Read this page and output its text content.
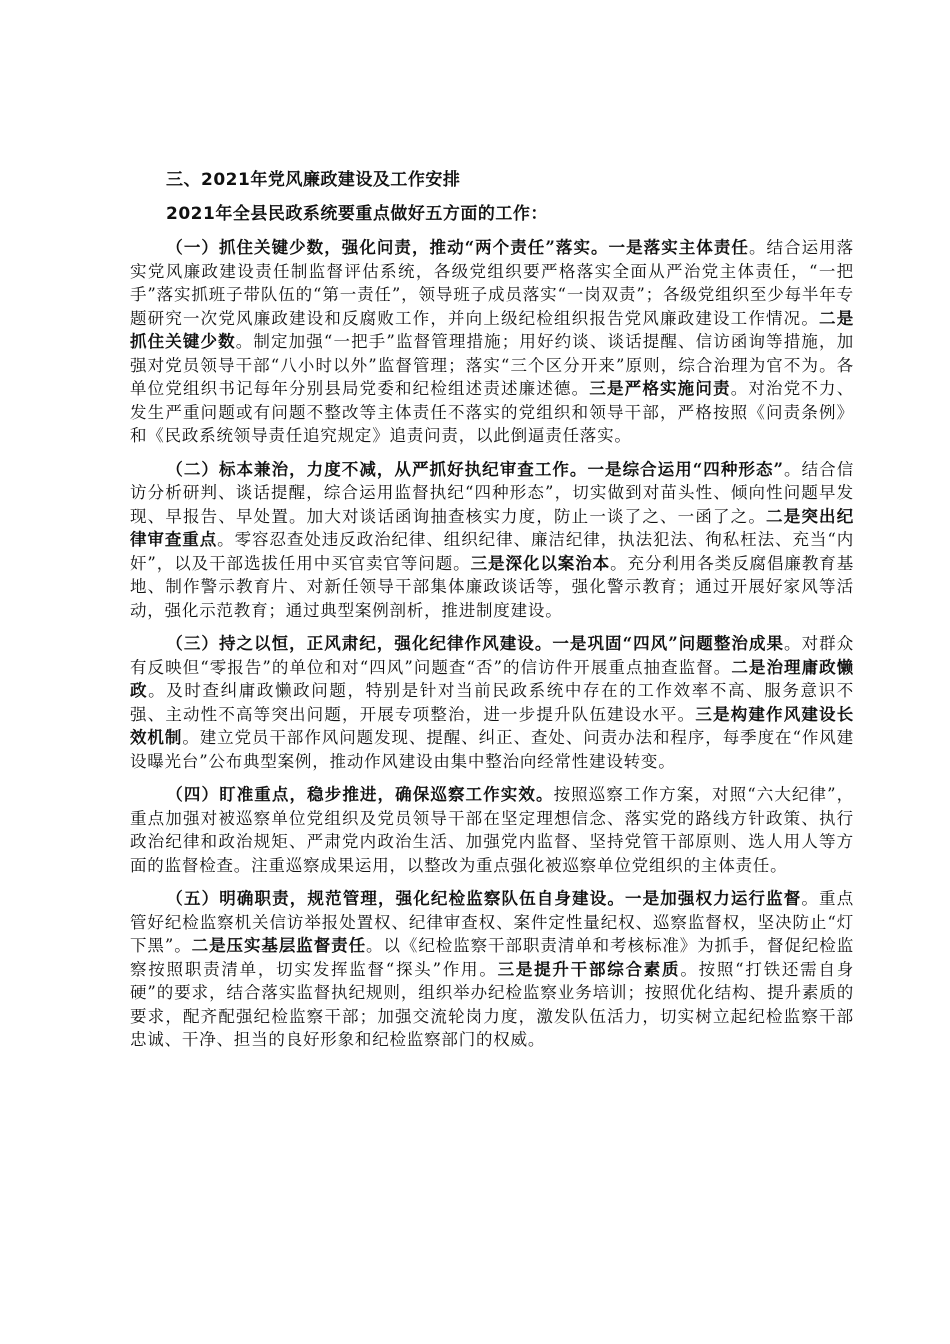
三、2021年党风廉政建设及工作安排
2021年全县民政系统要重点做好五方面的工作：
（一）抓住关键少数，强化问责，推动“两个责任”落实。一是落实主体责任。结合运用落实党风廉政建设责任制监督评估系统，各级党组织要严格落实全面从严治党主体责任，“一把手”落实抓班子带队伍的“第一责任”，领导班子成员落实“一岗双责”；各级党组织至少每半年专题研究一次党风廉政建设和反腐败工作，并向上级纪检组织报告党风廉政建设工作情况。二是抓住关键少数。制定加强“一把手”监督管理措施；用好约谈、谈话提醒、信访函询等措施，加强对党员领导干部“八小时以外”监督管理；落实“三个区分开来”原则，综合治理为官不为。各单位党组织书记每年分别县局党委和纪检组述责述廉述德。三是严格实施问责。对治党不力、发生严重问题或有问题不整改等主体责任不落实的党组织和领导干部，严格按照《问责条例》和《民政系统领导责任追究规定》追责问责，以此倒逼责任落实。
（二）标本兼治，力度不减，从严抓好执纪审查工作。一是综合运用“四种形态”。结合信访分析研判、谈话提醒，综合运用监督执纪“四种形态”，切实做到对苗头性、倾向性问题早发现、早报告、早处置。加大对谈话函询抽查核实力度，防止一谈了之、一函了之。二是突出纪律审查重点。零容忍查处违反政治纪律、组织纪律、廉洁纪律，执法犯法、徇私枉法、充当“内奸”，以及干部选拔任用中买官卖官等问题。三是深化以案治本。充分利用各类反腐倡廉教育基地、制作警示教育片、对新任领导干部集体廉政谈话等，强化警示教育；通过开展好家风等活动，强化示范教育；通过典型案例剖析，推进制度建设。
（三）持之以恒，正风肃纪，强化纪律作风建设。一是巩固“四风”问题整治成果。对群众有反映但“零报告”的单位和对“四风”问题查“否”的信访件开展重点抽查监督。二是治理庸政懒政。及时查纠庸政懒政问题，特别是针对当前民政系统中存在的工作效率不高、服务意识不强、主动性不高等突出问题，开展专项整治，进一步提升队伍建设水平。三是构建作风建设长效机制。建立党员干部作风问题发现、提醒、纠正、查处、问责办法和程序，每季度在“作风建设曝光台”公布典型案例，推动作风建设由集中整治向经常性建设转变。
（四）盯准重点，稳步推进，确保巡察工作实效。按照巡察工作方案，对照“六大纪律”，重点加强对被巡察单位党组织及党员领导干部在坚定理想信念、落实党的路线方针政策、执行政治纪律和政治规矩、严肃党内政治生活、加强党内监督、坚持党管干部原则、选人用人等方面的监督检查。注重巡察成果运用，以整改为重点强化被巡察单位党组织的主体责任。
（五）明确职责，规范管理，强化纪检监察队伍自身建设。一是加强权力运行监督。重点管好纪检监察机关信访举报处置权、纪律审查权、案件定性量纪权、巡察监督权，坚决防止“灯下黑”。二是压实基层监督责任。以《纪检监察干部职责清单和考核标准》为抓手，督促纪检监察按照职责清单，切实发挥监督“探头”作用。三是提升干部综合素质。按照“打铁还需自身硬”的要求，结合落实监督执纪规则，组织举办纪检监察业务培训；按照优化结构、提升素质的要求，配齐配强纪检监察干部；加强交流轮岗力度，激发队伍活力，切实树立起纪检监察干部忠诚、干净、担当的良好形象和纪检监察部门的权威。
